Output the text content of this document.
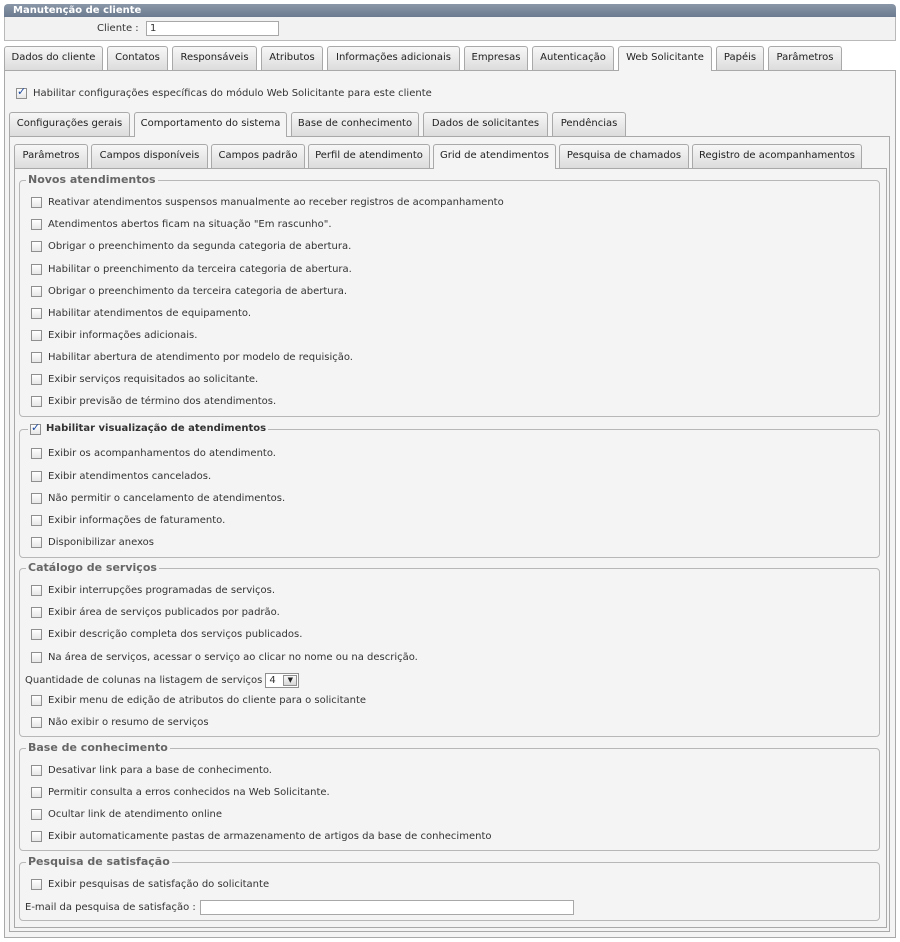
Manutenção de cliente
Cliente :	1
Dados do cliente	Contatos	Responsáveis	Atributos	Informações adicionais	Empresas	Autenticação	Web Solicitante	Papéis	Parâmetros
✓Habilitar configurações específicas do módulo Web Solicitante para este cliente
Configurações gerais	Comportamento do sistema	Base de conhecimento	Dados de solicitantes	Pendências
Parâmetros	Campos disponíveis	Campos padrão	Perfil de atendimento	Grid de atendimentos	Pesquisa de chamados	Registro de acompanhamentos
Novos atendimentos
Reativar atendimentos suspensos manualmente ao receber registros de acompanhamento
Atendimentos abertos ficam na situação "Em rascunho".
Obrigar o preenchimento da segunda categoria de abertura.
Habilitar o preenchimento da terceira categoria de abertura.
Obrigar o preenchimento da terceira categoria de abertura.
Habilitar atendimentos de equipamento.
Exibir informações adicionais.
Habilitar abertura de atendimento por modelo de requisição.
Exibir serviços requisitados ao solicitante.
Exibir previsão de término dos atendimentos.
✓Habilitar visualização de atendimentos
Exibir os acompanhamentos do atendimento.
Exibir atendimentos cancelados.
Não permitir o cancelamento de atendimentos.
Exibir informações de faturamento.
Disponibilizar anexos
Catálogo de serviços
Exibir interrupções programadas de serviços.
Exibir área de serviços publicados por padrão.
Exibir descrição completa dos serviços publicados.
Na área de serviços, acessar o serviço ao clicar no nome ou na descrição.
Quantidade de colunas na listagem de serviços 4	▼
Exibir menu de edição de atributos do cliente para o solicitante
Não exibir o resumo de serviços
Base de conhecimento
Desativar link para a base de conhecimento.
Permitir consulta a erros conhecidos na Web Solicitante.
Ocultar link de atendimento online
Exibir automaticamente pastas de armazenamento de artigos da base de conhecimento
Pesquisa de satisfação
Exibir pesquisas de satisfação do solicitante
E-mail da pesquisa de satisfação :
